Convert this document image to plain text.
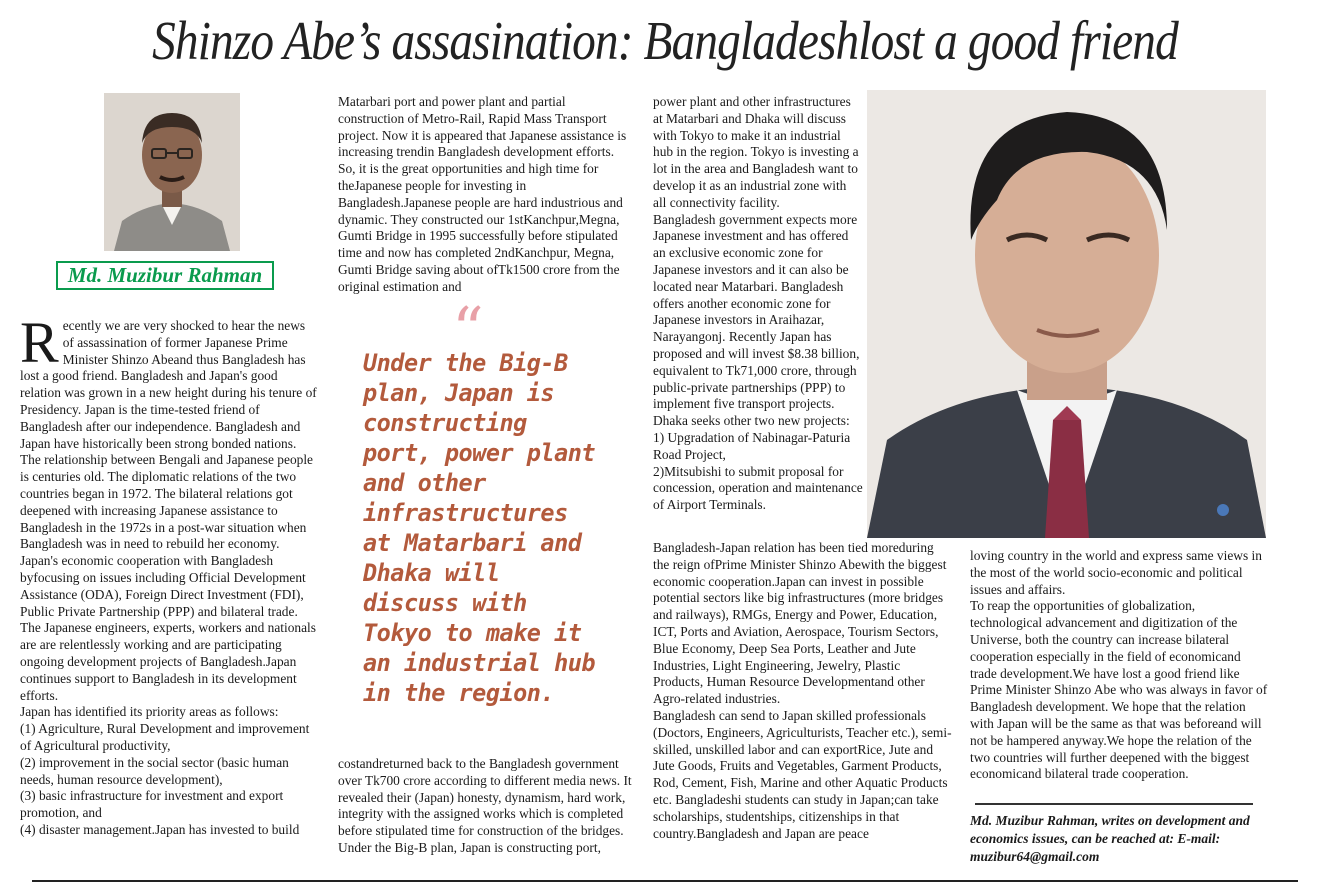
Shinzo Abe’s assasination: Bangladeshlost a good friend
Md. Muzibur Rahman

Recently we are very shocked to hear the news of assassination of former Japanese Prime Minister Shinzo Abeand thus Bangladesh has lost a good friend. Bangladesh and Japan's good relation was grown in a new height during his tenure of Presidency. Japan is the time-tested friend of Bangladesh after our independence. Bangladesh and Japan have historically been strong bonded nations. The relationship between Bengali and Japanese people is centuries old. The diplomatic relations of the two countries began in 1972. The bilateral relations got deepened with increasing Japanese assistance to Bangladesh in the 1972s in a post-war situation when Bangladesh was in need to rebuild her economy.

Japan's economic cooperation with Bangladesh byfocusing on issues including Official Development Assistance (ODA), Foreign Direct Investment (FDI), Public Private Partnership (PPP) and bilateral trade. The Japanese engineers, experts, workers and nationals are are relentlessly working and are participating ongoing development projects of Bangladesh.Japan continues support to Bangladesh in its development efforts.

Japan has identified its priority areas as follows:

(1) Agriculture, Rural Development and improvement of Agricultural productivity,

(2) improvement in the social sector (basic human needs, human resource development),

(3) basic infrastructure for investment and export promotion, and

(4) disaster management.Japan has invested to build

Matarbari port and power plant and partial construction of Metro-Rail, Rapid Mass Transport project. Now it is appeared that Japanese assistance is increasing trendin Bangladesh development efforts. So, it is the great opportunities and high time for theJapanese people for investing in Bangladesh.Japanese people are hard industrious and dynamic. They constructed our 1stKanchpur,Megna, Gumti Bridge in 1995 successfully before stipulated time and now has completed 2ndKanchpur, Megna, Gumti Bridge saving about ofTk1500 crore from the original estimation and

“
Under the Big-B plan, Japan is constructing port, power plant and other infrastructures at Matarbari and Dhaka will discuss with Tokyo to make it an industrial hub in the region.

costandreturned back to the Bangladesh government over Tk700 crore according to different media news. It revealed their (Japan) honesty, dynamism, hard work, integrity with the assigned works which is completed before stipulated time for construction of the bridges. Under the Big-B plan, Japan is constructing port,

power plant and other infrastructures at Matarbari and Dhaka will discuss with Tokyo to make it an industrial hub in the region. Tokyo is investing a lot in the area and Bangladesh want to develop it as an industrial zone with all connectivity facility.

Bangladesh government expects more Japanese investment and has offered an exclusive economic zone for Japanese investors and it can also be located near Matarbari. Bangladesh offers another economic zone for Japanese investors in Araihazar, Narayangonj. Recently Japan has proposed and will invest $8.38 billion, equivalent to Tk71,000 crore, through public-private partnerships (PPP) to implement five transport projects.

Dhaka seeks other two new projects:

1) Upgradation of Nabinagar-Paturia Road Project,

2)Mitsubishi to submit proposal for concession, operation and maintenance of Airport Terminals.

Bangladesh-Japan relation has been tied moreduring the reign ofPrime Minister Shinzo Abewith the biggest economic cooperation.Japan can invest in possible potential sectors like big infrastructures (more bridges and railways), RMGs, Energy and Power, Education, ICT, Ports and Aviation, Aerospace, Tourism Sectors, Blue Economy, Deep Sea Ports, Leather and Jute Industries, Light Engineering, Jewelry, Plastic Products, Human Resource Developmentand other Agro-related industries.

Bangladesh can send to Japan skilled professionals (Doctors, Engineers, Agriculturists, Teacher etc.), semi-skilled, unskilled labor and can exportRice, Jute and Jute Goods, Fruits and Vegetables, Garment Products, Rod, Cement, Fish, Marine and other Aquatic Products etc. Bangladeshi students can study in Japan;can take scholarships, studentships, citizenships in that country.Bangladesh and Japan are peace

loving country in the world and express same views in the most of the world socio-economic and political issues and affairs.

To reap the opportunities of globalization, technological advancement and digitization of the Universe, both the country can increase bilateral cooperation especially in the field of economicand trade development.We have lost a good friend like Prime Minister Shinzo Abe who was always in favor of Bangladesh development. We hope that the relation with Japan will be the same as that was beforeand will not be hampered anyway.We hope the relation of the two countries will further deepened with the biggest economicand bilateral trade cooperation.

Md. Muzibur Rahman, writes on development and economics issues, can be reached at: E-mail: muzibur64@gmail.com
